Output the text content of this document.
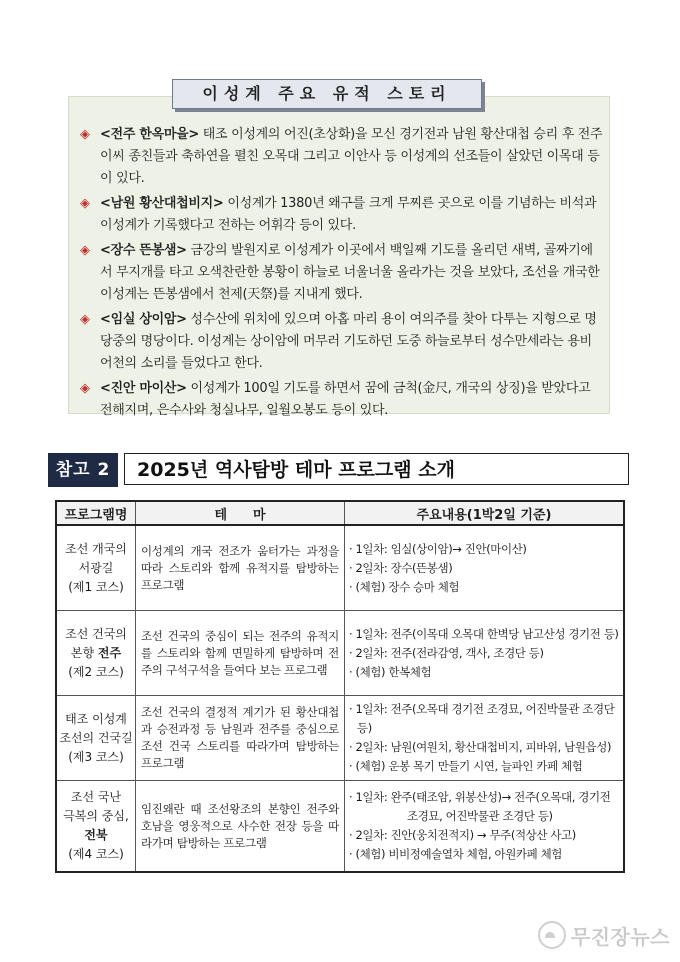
이성계 주요 유적 스토리
◈ <전주 한옥마을> 태조 이성계의 어진(초상화)을 모신 경기전과 남원 황산대첩 승리 후 전주 이씨 종친들과 축하연을 펼친 오목대 그리고 이안사 등 이성계의 선조들이 살았던 이목대 등이 있다.
◈ <남원 황산대첩비지> 이성계가 1380년 왜구를 크게 무찌른 곳으로 이를 기념하는 비석과 이성계가 기록했다고 전하는 어휘각 등이 있다.
◈ <장수 뜬봉샘> 금강의 발원지로 이성계가 이곳에서 백일째 기도를 올리던 새벽, 골짜기에서 무지개를 타고 오색찬란한 봉황이 하늘로 너울너울 올라가는 것을 보았다, 조선을 개국한 이성계는 뜬봉샘에서 천제(天祭)를 지내게 했다.
◈ <임실 상이암> 성수산에 위치에 있으며 아홉 마리 용이 여의주를 찾아 다투는 지형으로 명당중의 명당이다. 이성계는 상이암에 머무러 기도하던 도중 하늘로부터 성수만세라는 용비어천의 소리를 들었다고 한다.
◈ <진안 마이산> 이성계가 100일 기도를 하면서 꿈에 금척(金尺, 개국의 상징)을 받았다고 전해지며, 은수사와 청실나무, 일월오봉도 등이 있다.
참고 2	2025년 역사탐방 테마 프로그램 소개
프로그램명	테　　마	주요내용(1박2일 기준)

조선 개국의
서광길
(제1 코스)	이성계의 개국 전조가 움터가는 과정을 따라 스토리와 함께 유적지를 탐방하는 프로그램	· 1일차: 임실(상이암)→ 진안(마이산)
· 2일차: 장수(뜬봉샘)
· (체험) 장수 승마 체험

조선 건국의
본향 전주
(제2 코스)	조선 건국의 중심이 되는 전주의 유적지를 스토리와 함께 면밀하게 탐방하며 전주의 구석구석을 들여다 보는 프로그램	· 1일차: 전주(이목대 오목대 한벽당 남고산성 경기전 등)
· 2일차: 전주(전라감영, 객사, 조경단 등)
· (체험) 한복체험

태조 이성계
조선의 건국길
(제3 코스)	조선 건국의 결정적 계기가 된 황산대첩과 승전과정 등 남원과 전주를 중심으로 조선 건국 스토리를 따라가며 탐방하는 프로그램	· 1일차: 전주(오목대 경기전 조경묘, 어진박물관 조경단 등)
· 2일차: 남원(여원치, 황산대첩비지, 피바위, 남원읍성)
· (체험) 운봉 목기 만들기 시연, 늘파인 카페 체험

조선 국난
극복의 중심,
전북
(제4 코스)	임진왜란 때 조선왕조의 본향인 전주와 호남을 영웅적으로 사수한 전장 등을 따라가며 탐방하는 프로그램	· 1일차: 완주(태조암, 위봉산성)→ 전주(오목대, 경기전
조경묘, 어진박물관 조경단 등)
· 2일차: 진안(웅치전적지) → 무주(적상산 사고)
· (체험) 비비정예술열차 체험, 아원카페 체험
무진장뉴스
